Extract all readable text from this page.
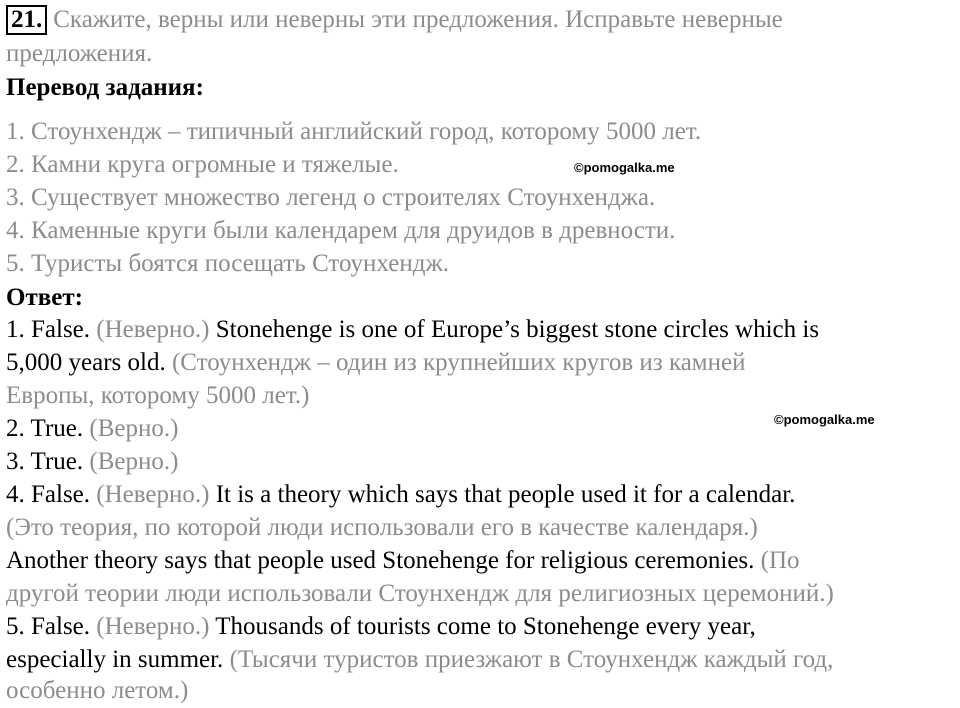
21. Скажите, верны или неверны эти предложения. Исправьте неверные
предложения.
Перевод задания:
1. Стоунхендж – типичный английский город, которому 5000 лет.
2. Камни круга огромные и тяжелые.
3. Существует множество легенд о строителях Стоунхенджа.
4. Каменные круги были календарем для друидов в древности.
5. Туристы боятся посещать Стоунхендж.
©pomogalka.me
Ответ:
1. False. (Неверно.) Stonehenge is one of Europe’s biggest stone circles which is
5,000 years old. (Стоунхендж – один из крупнейших кругов из камней
Европы, которому 5000 лет.)
©pomogalka.me
2. True. (Верно.)
3. True. (Верно.)
4. False. (Неверно.) It is a theory which says that people used it for a calendar.
(Это теория, по которой люди использовали его в качестве календаря.)
Another theory says that people used Stonehenge for religious ceremonies. (По
другой теории люди использовали Стоунхендж для религиозных церемоний.)
5. False. (Неверно.) Thousands of tourists come to Stonehenge every year,
especially in summer. (Тысячи туристов приезжают в Стоунхендж каждый год,
особенно летом.)
